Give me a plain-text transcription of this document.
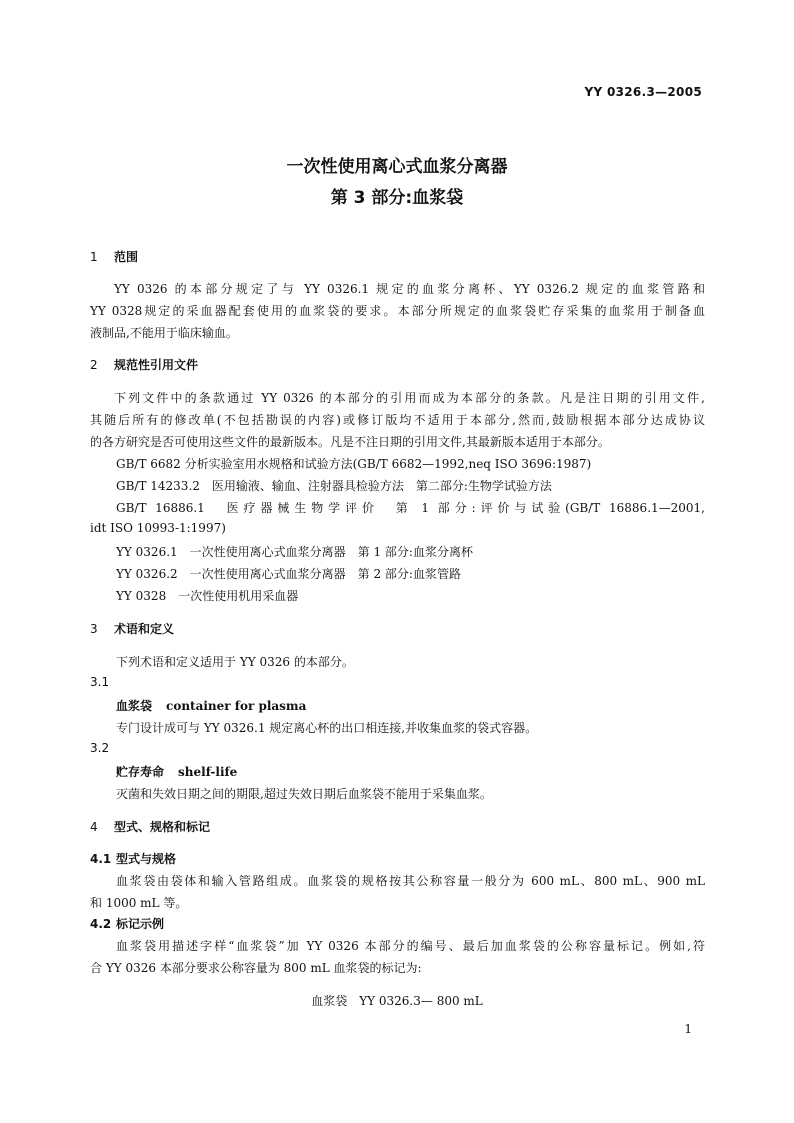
YY 0326.3—2005
一次性使用离心式血浆分离器
第 3 部分:血浆袋
1 范围
YY 0326 的本部分规定了与 YY 0326.1 规定的血浆分离杯、YY 0326.2 规定的血浆管路和
YY 0328规定的采血器配套使用的血浆袋的要求。本部分所规定的血浆袋贮存采集的血浆用于制备血
液制品,不能用于临床输血。
2 规范性引用文件
下列文件中的条款通过 YY 0326 的本部分的引用而成为本部分的条款。凡是注日期的引用文件,
其随后所有的修改单(不包括勘误的内容)或修订版均不适用于本部分,然而,鼓励根据本部分达成协议
的各方研究是否可使用这些文件的最新版本。凡是不注日期的引用文件,其最新版本适用于本部分。
GB/T 6682 分析实验室用水规格和试验方法(GB/T 6682—1992,neq ISO 3696:1987)
GB/T 14233.2　医用输液、输血、注射器具检验方法　第二部分:生物学试验方法
GB/T 16886.1　医疗器械生物学评价　第 1 部分:评价与试验(GB/T 16886.1—2001,
idt ISO 10993-1:1997)
YY 0326.1　一次性使用离心式血浆分离器　第 1 部分:血浆分离杯
YY 0326.2　一次性使用离心式血浆分离器　第 2 部分:血浆管路
YY 0328　一次性使用机用采血器
3 术语和定义
下列术语和定义适用于 YY 0326 的本部分。
3.1
血浆袋 container for plasma
专门设计成可与 YY 0326.1 规定离心杯的出口相连接,并收集血浆的袋式容器。
3.2
贮存寿命 shelf-life
灭菌和失效日期之间的期限,超过失效日期后血浆袋不能用于采集血浆。
4 型式、规格和标记
4.1 型式与规格
血浆袋由袋体和输入管路组成。血浆袋的规格按其公称容量一般分为 600 mL、800 mL、900 mL
和 1000 mL 等。
4.2 标记示例
血浆袋用描述字样“血浆袋”加 YY 0326 本部分的编号、最后加血浆袋的公称容量标记。例如,符
合 YY 0326 本部分要求公称容量为 800 mL 血浆袋的标记为:
血浆袋　YY 0326.3— 800 mL
1
